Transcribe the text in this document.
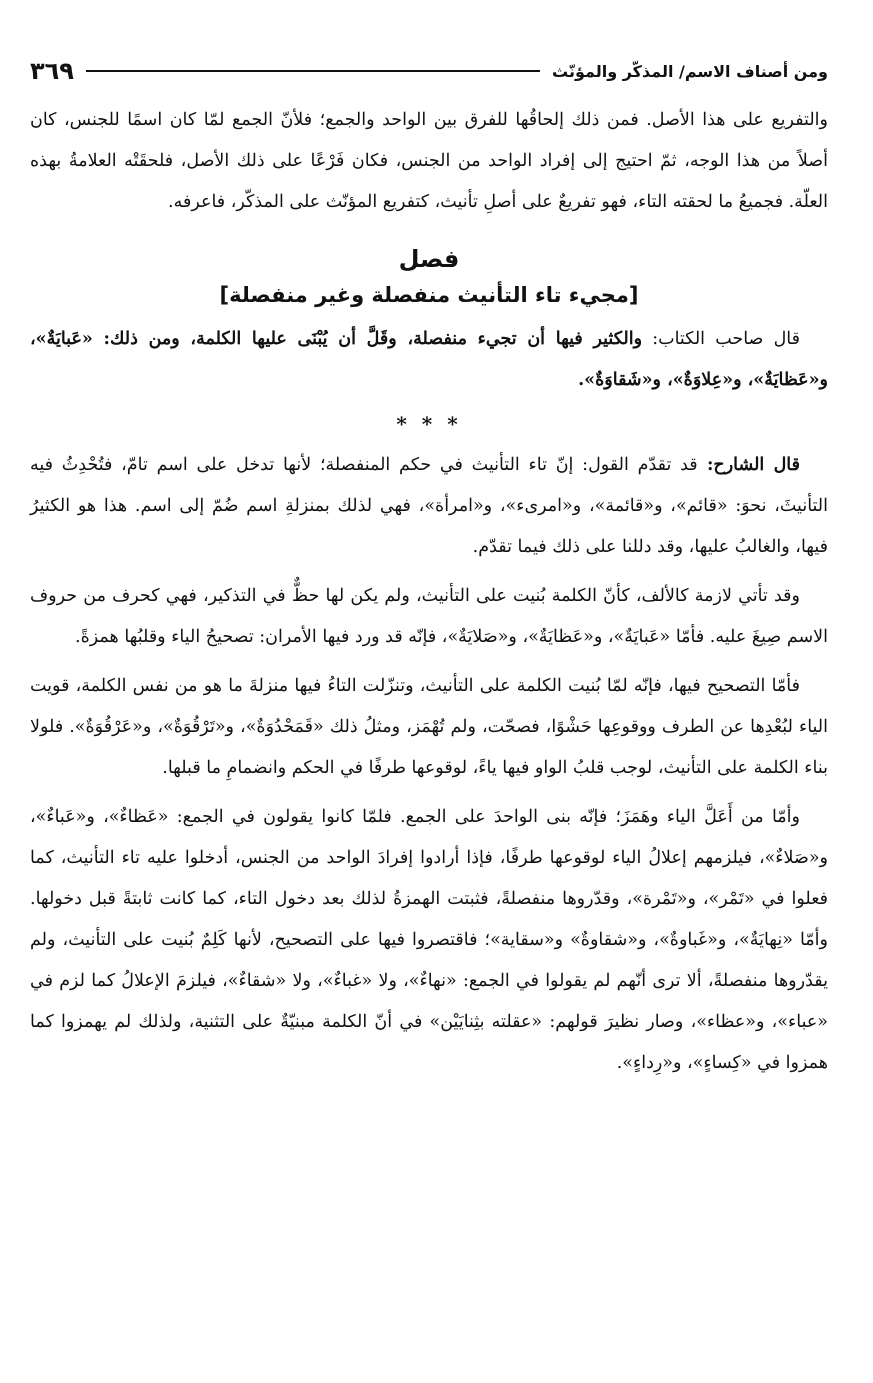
ومن أصناف الاسم/ المذكّر والمؤنّث
٣٦٩

والتفريع على هذا الأصل. فمن ذلك إلحاقُها للفرق بين الواحد والجمع؛ فلأنّ الجمع لمّا كان اسمًا للجنس، كان أصلاً من هذا الوجه، ثمّ احتيج إلى إفراد الواحد من الجنس، فكان فَرْعًا على ذلك الأصل، فلحقَتْه العلامةُ بهذه العلّة. فجميعُ ما لحقته التاء، فهو تفريعٌ على أصلِ تأنيث، كتفريع المؤنّث على المذكّر، فاعرفه.

فصل
[مجيء تاء التأنيث منفصلة وغير منفصلة]

قال صاحب الكتاب: والكثير فيها أن تجيء منفصلة، وقَلَّ أن يُبْنَى عليها الكلمة، ومن ذلك: «عَبايَةٌ»، و«عَظايَةٌ»، و«عِلاوَةٌ»، و«شَقاوَةٌ».

* * *

قال الشارح: قد تقدّم القول: إنّ تاء التأنيث في حكم المنفصلة؛ لأنها تدخل على اسم تامّ، فتُحْدِثُ فيه التأنيثَ، نحوَ: «قائم»، و«قائمة»، و«امرىء»، و«امرأة»، فهي لذلك بمنزلةِ اسم ضُمّ إلى اسم. هذا هو الكثيرُ فيها، والغالبُ عليها، وقد دللنا على ذلك فيما تقدّم.

وقد تأتي لازمة كالألف، كأنّ الكلمة بُنيت على التأنيث، ولم يكن لها حظٌّ في التذكير، فهي كحرف من حروف الاسم صِيغَ عليه. فأمّا «عَبايَةٌ»، و«عَظايَةٌ»، و«صَلايَةٌ»، فإنّه قد ورد فيها الأمران: تصحيحُ الياء وقلبُها همزةً.

فأمّا التصحيح فيها، فإنّه لمّا بُنيت الكلمة على التأنيث، وتنزّلت التاءُ فيها منزلةَ ما هو من نفس الكلمة، قويت الياء لبُعْدِها عن الطرف ووقوعِها حَشْوًا، فصحّت، ولم تُهْمَز، ومثلُ ذلك «قَمَحْدُوَةٌ»، و«تَرْقُوَةٌ»، و«عَرْقُوَةٌ». فلولا بناء الكلمة على التأنيث، لوجب قلبُ الواو فيها ياءً، لوقوعها طرفًا في الحكم وانضمامِ ما قبلها.

وأمّا من أَعَلَّ الياء وهَمَزَ؛ فإنّه بنى الواحدَ على الجمع. فلمّا كانوا يقولون في الجمع: «عَظاءٌ»، و«عَباءٌ»، و«صَلاءٌ»، فيلزمهم إعلالُ الياء لوقوعها طرفًا، فإذا أرادوا إفرادَ الواحد من الجنس، أدخلوا عليه تاء التأنيث، كما فعلوا في «تَمْر»، و«تَمْرة»، وقدّروها منفصلةً، فثبتت الهمزةُ لذلك بعد دخول التاء، كما كانت ثابتةً قبل دخولها. وأمّا «نِهايَةٌ»، و«غَباوةٌ»، و«شقاوةٌ» و«سقاية»؛ فاقتصروا فيها على التصحيح، لأنها كَلِمٌ بُنيت على التأنيث، ولم يقدّروها منفصلةً، ألا ترى أنّهم لم يقولوا في الجمع: «نهاءٌ»، ولا «غباءٌ»، ولا «شقاءٌ»، فيلزمَ الإعلالُ كما لزم في «عباء»، و«عظاء»، وصار نظيرَ قولهم: «عقلته بثِنايَيْن» في أنّ الكلمة مبنيّةٌ على التثنية، ولذلك لم يهمزوا كما همزوا في «كِساءٍ»، و«رِداءٍ».
